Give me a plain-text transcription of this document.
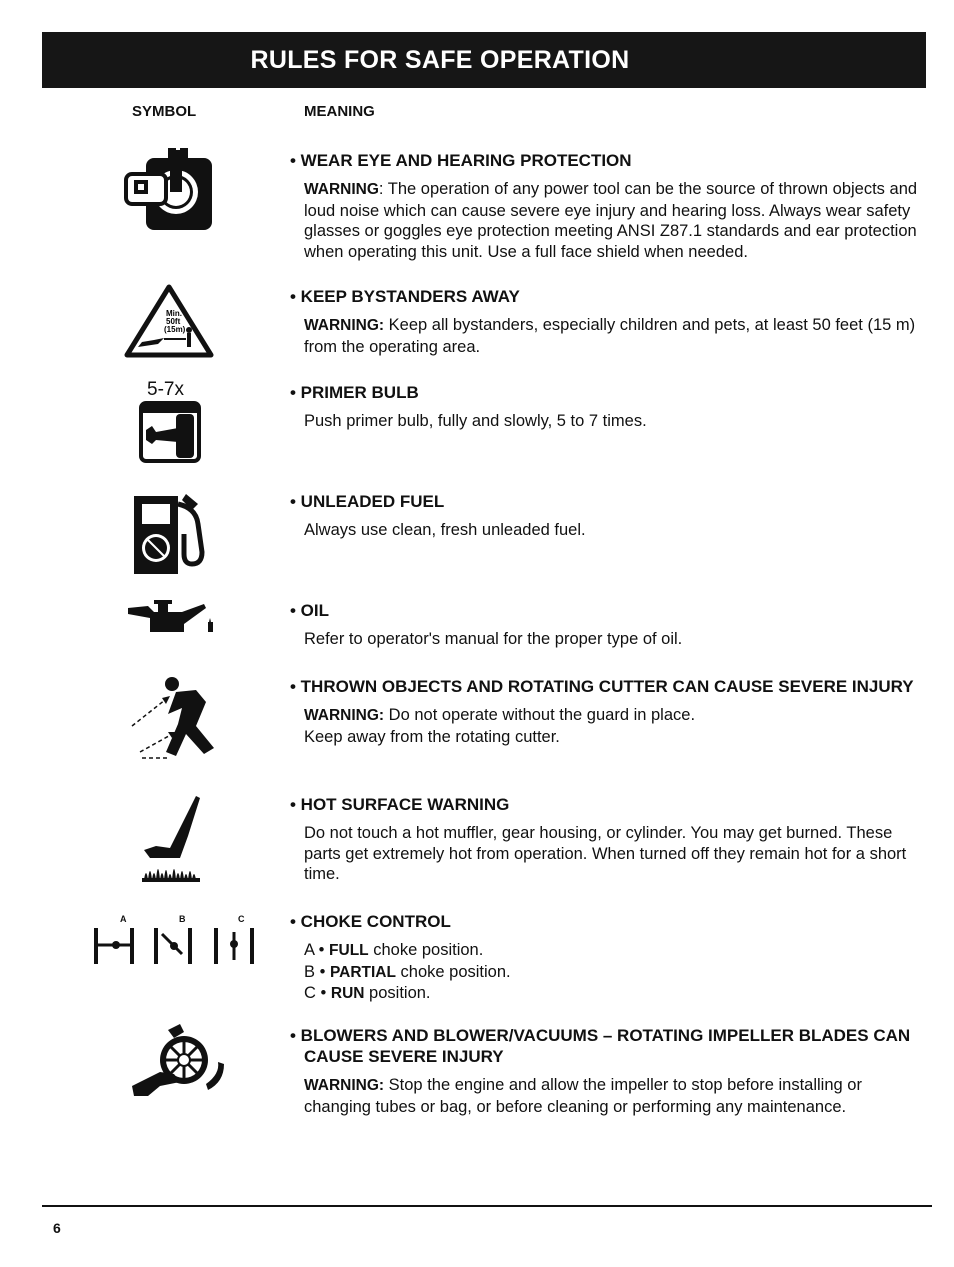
RULES FOR SAFE OPERATION
SYMBOL	MEANING
• WEAR EYE AND HEARING PROTECTION

WARNING: The operation of any power tool can be the source of thrown objects and loud noise which can cause severe eye injury and hearing loss. Always wear safety glasses or goggles eye protection meeting ANSI Z87.1 standards and ear protection when operating this unit. Use a full face shield when needed.

Min.
50ft
(15m)
• KEEP BYSTANDERS AWAY

WARNING: Keep all bystanders, especially children and pets, at least 50 feet (15 m) from the operating area.

5-7x	• PRIMER BULB

Push primer bulb, fully and slowly, 5 to 7 times.

• UNLEADED FUEL

Always use clean, fresh unleaded fuel.

• OIL

Refer to operator's manual for the proper type of oil.

• THROWN OBJECTS AND ROTATING CUTTER CAN CAUSE SEVERE INJURY

WARNING: Do not operate without the guard in place.
Keep away from the rotating cutter.

• HOT SURFACE WARNING

Do not touch a hot muffler, gear housing, or cylinder. You may get burned. These parts get extremely hot from operation. When turned off they remain hot for a short time.

A	B	C	• CHOKE CONTROL

A • FULL choke position.
B • PARTIAL choke position.
C • RUN position.

• BLOWERS AND BLOWER/VACUUMS – ROTATING IMPELLER BLADES CAN CAUSE SEVERE INJURY

WARNING: Stop the engine and allow the impeller to stop before installing or changing tubes or bag, or before cleaning or performing any maintenance.

6
